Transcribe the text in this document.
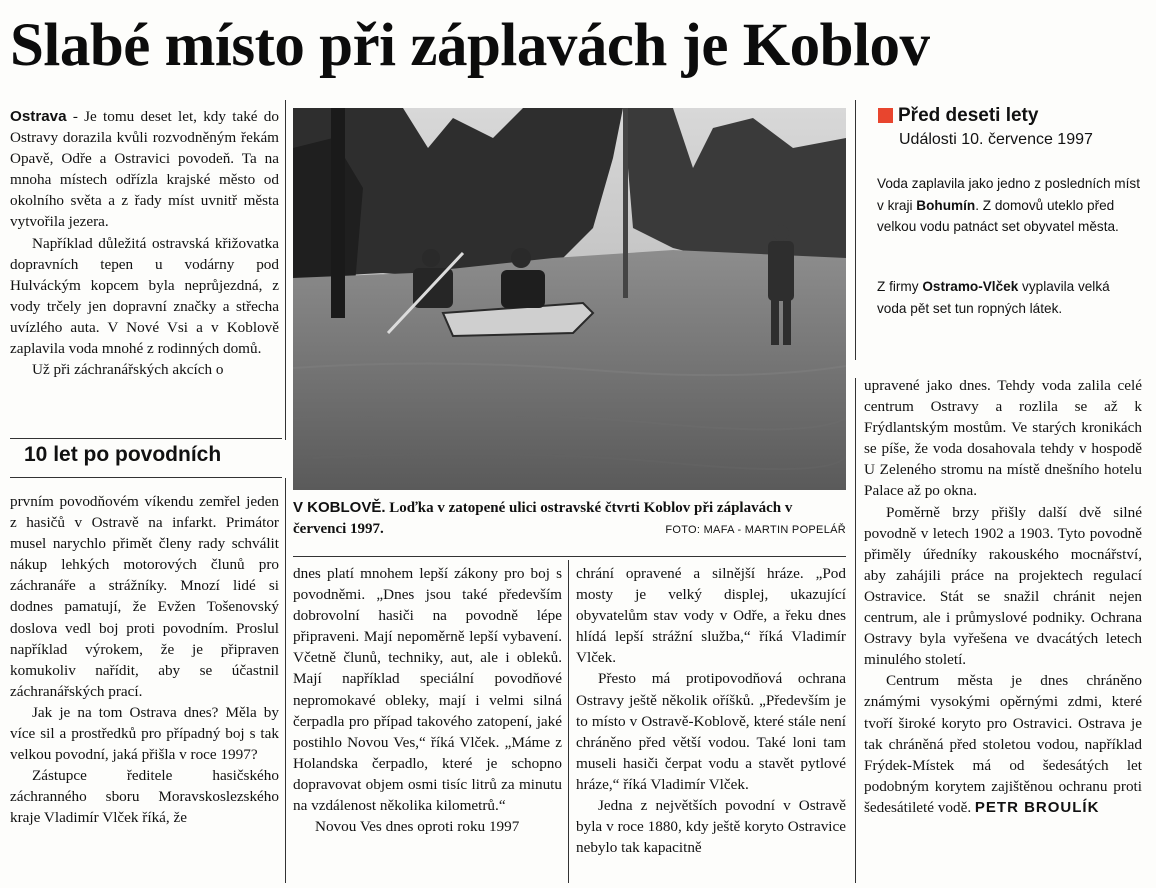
Slabé místo při záplavách je Koblov

Ostrava - Je tomu deset let, kdy také do Ostravy dorazila kvůli rozvodněným řekám Opavě, Odře a Ostravici povodeň. Ta na mnoha místech odřízla krajské město od okolního světa a z řady míst uvnitř města vytvořila jezera.

Například důležitá ostravská křižovatka dopravních tepen u vodárny pod Hulváckým kopcem byla neprůjezdná, z vody trčely jen dopravní značky a střecha uvízlého auta. V Nové Vsi a v Koblově zaplavila voda mnohé z rodinných domů.

Už při záchranářských akcích o

10 let po povodních

prvním povodňovém víkendu zemřel jeden z hasičů v Ostravě na infarkt. Primátor musel narychlo přimět členy rady schválit nákup lehkých motorových člunů pro záchranáře a strážníky. Mnozí lidé si dodnes pamatují, že Evžen Tošenovský doslova vedl boj proti povodním. Proslul například výrokem, že je připraven komukoliv nařídit, aby se účastnil záchranářských prací.

Jak je na tom Ostrava dnes? Měla by více sil a prostředků pro případný boj s tak velkou povodní, jaká přišla v roce 1997?

Zástupce ředitele hasičského záchranného sboru Moravskoslezského kraje Vladimír Vlček říká, že

V KOBLOVĚ. Loďka v zatopené ulici ostravské čtvrti Koblov při záplavách v červenci 1997.	FOTO: MAFA - MARTIN POPELÁŘ

dnes platí mnohem lepší zákony pro boj s povodněmi. „Dnes jsou také především dobrovolní hasiči na povodně lépe připraveni. Mají nepoměrně lepší vybavení. Včetně člunů, techniky, aut, ale i obleků. Mají například speciální povodňové nepromokavé obleky, mají i velmi silná čerpadla pro případ takového zatopení, jaké postihlo Novou Ves,“ říká Vlček. „Máme z Holandska čerpadlo, které je schopno dopravovat objem osmi tisíc litrů za minutu na vzdálenost několika kilometrů.“

Novou Ves dnes oproti roku 1997

chrání opravené a silnější hráze. „Pod mosty je velký displej, ukazující obyvatelům stav vody v Odře, a řeku dnes hlídá lepší strážní služba,“ říká Vladimír Vlček.

Přesto má protipovodňová ochrana Ostravy ještě několik oříšků. „Především je to místo v Ostravě-Koblově, které stále není chráněno před větší vodou. Také loni tam museli hasiči čerpat vodu a stavět pytlové hráze,“ říká Vladimír Vlček.

Jedna z největších povodní v Ostravě byla v roce 1880, kdy ještě koryto Ostravice nebylo tak kapacitně

upravené jako dnes. Tehdy voda zalila celé centrum Ostravy a rozlila se až k Frýdlantským mostům. Ve starých kronikách se píše, že voda dosahovala tehdy v hospodě U Zeleného stromu na místě dnešního hotelu Palace až po okna.

Poměrně brzy přišly další dvě silné povodně v letech 1902 a 1903. Tyto povodně přiměly úředníky rakouského mocnářství, aby zahájili práce na projektech regulací Ostravice. Stát se snažil chránit nejen centrum, ale i průmyslové podniky. Ochrana Ostravy byla vyřešena ve dvacátých letech minulého století.

Centrum města je dnes chráněno známými vysokými opěrnými zdmi, které tvoří široké koryto pro Ostravici. Ostrava je tak chráněná před stoletou vodou, například Frýdek-Místek má od šedesátých let podobným korytem zajištěnou ochranu proti šedesátileté vodě. PETR BROULÍK

Před deseti lety
Události 10. července 1997
Voda zaplavila jako jedno z posledních míst v kraji Bohumín. Z domovů uteklo před velkou vodu patnáct set obyvatel města.
Z firmy Ostramo-Vlček vyplavila velká voda pět set tun ropných látek.
